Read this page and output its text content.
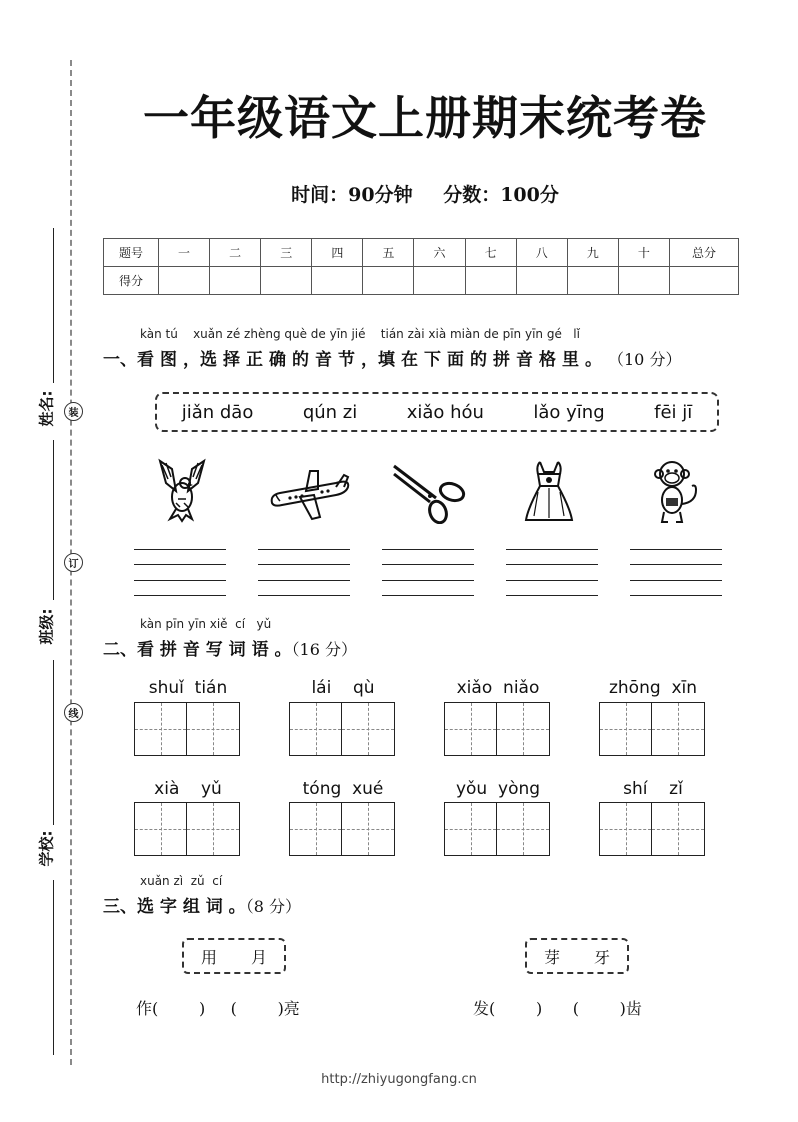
姓名:
班级:
学校:
装
订
线
一年级语文上册期末统考卷
时间：90分钟 分数：100分
题号	一	二	三	四	五	六	七	八	九	十	总分
得分											
kàn tú    xuǎn zé zhèng què de yīn jié    tián zài xià miàn de pīn yīn gé   lǐ
一、看 图 ，选 择 正 确 的 音 节 ，填 在 下 面 的 拼 音 格 里 。 （10 分）
jiǎn dāo	qún zi	xiǎo hóu	lǎo yīng	fēi jī
kàn pīn yīn xiě  cí   yǔ
二、看 拼 音 写 词 语 。（16 分）
shuǐ tián	lái qù	xiǎo niǎo	zhōng xīn
xià yǔ	tóng xué	yǒu yòng	shí zǐ
xuǎn zì  zǔ  cí
三、选 字 组 词 。（8 分）
用 月	芽 牙
作(	) (	)亮	发(	) (	)齿
http://zhiyugongfang.cn
